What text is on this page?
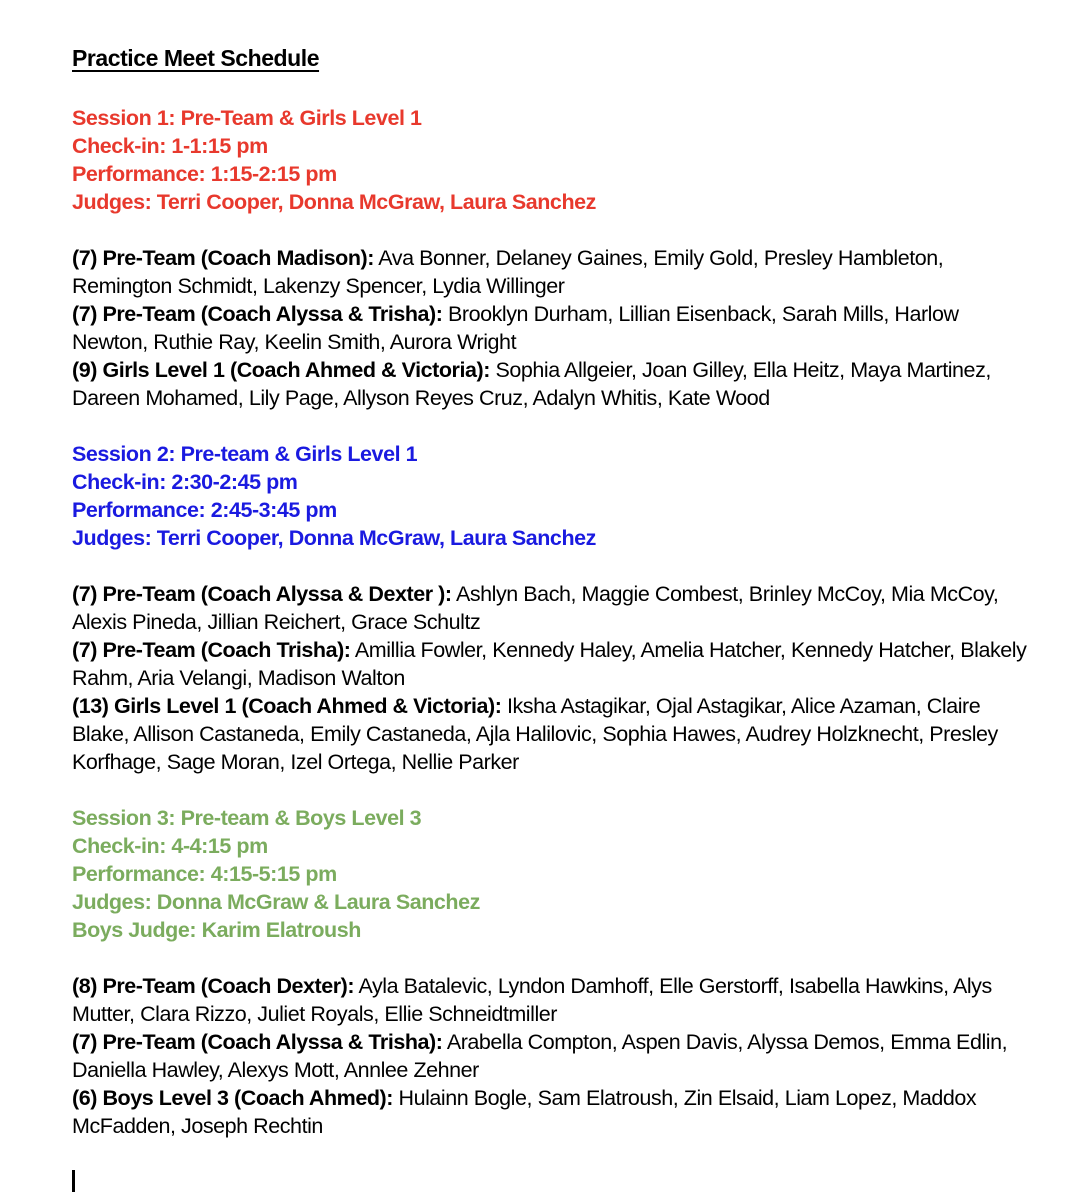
Practice Meet Schedule
Session 1: Pre-Team & Girls Level 1
Check-in: 1-1:15 pm
Performance: 1:15-2:15 pm
Judges: Terri Cooper, Donna McGraw, Laura Sanchez

(7) Pre-Team (Coach Madison): Ava Bonner, Delaney Gaines, Emily Gold, Presley Hambleton, Remington Schmidt, Lakenzy Spencer, Lydia Willinger

(7) Pre-Team (Coach Alyssa & Trisha): Brooklyn Durham, Lillian Eisenback, Sarah Mills, Harlow Newton, Ruthie Ray, Keelin Smith, Aurora Wright

(9) Girls Level 1 (Coach Ahmed & Victoria): Sophia Allgeier, Joan Gilley, Ella Heitz, Maya Martinez, Dareen Mohamed, Lily Page, Allyson Reyes Cruz, Adalyn Whitis, Kate Wood

Session 2: Pre-team & Girls Level 1
Check-in: 2:30-2:45 pm
Performance: 2:45-3:45 pm
Judges: Terri Cooper, Donna McGraw, Laura Sanchez

(7) Pre-Team (Coach Alyssa & Dexter ): Ashlyn Bach, Maggie Combest, Brinley McCoy, Mia McCoy, Alexis Pineda, Jillian Reichert, Grace Schultz

(7) Pre-Team (Coach Trisha): Amillia Fowler, Kennedy Haley, Amelia Hatcher, Kennedy Hatcher, Blakely Rahm, Aria Velangi, Madison Walton

(13) Girls Level 1 (Coach Ahmed & Victoria): Iksha Astagikar, Ojal Astagikar, Alice Azaman, Claire Blake, Allison Castaneda, Emily Castaneda, Ajla Halilovic, Sophia Hawes, Audrey Holzknecht, Presley Korfhage, Sage Moran, Izel Ortega, Nellie Parker

Session 3: Pre-team & Boys Level 3
Check-in: 4-4:15 pm
Performance: 4:15-5:15 pm
Judges: Donna McGraw & Laura Sanchez
Boys Judge: Karim Elatroush

(8) Pre-Team (Coach Dexter): Ayla Batalevic, Lyndon Damhoff, Elle Gerstorff, Isabella Hawkins, Alys Mutter, Clara Rizzo, Juliet Royals, Ellie Schneidtmiller

(7) Pre-Team (Coach Alyssa & Trisha): Arabella Compton, Aspen Davis, Alyssa Demos, Emma Edlin, Daniella Hawley, Alexys Mott, Annlee Zehner

(6) Boys Level 3 (Coach Ahmed): Hulainn Bogle, Sam Elatroush, Zin Elsaid, Liam Lopez, Maddox McFadden, Joseph Rechtin
